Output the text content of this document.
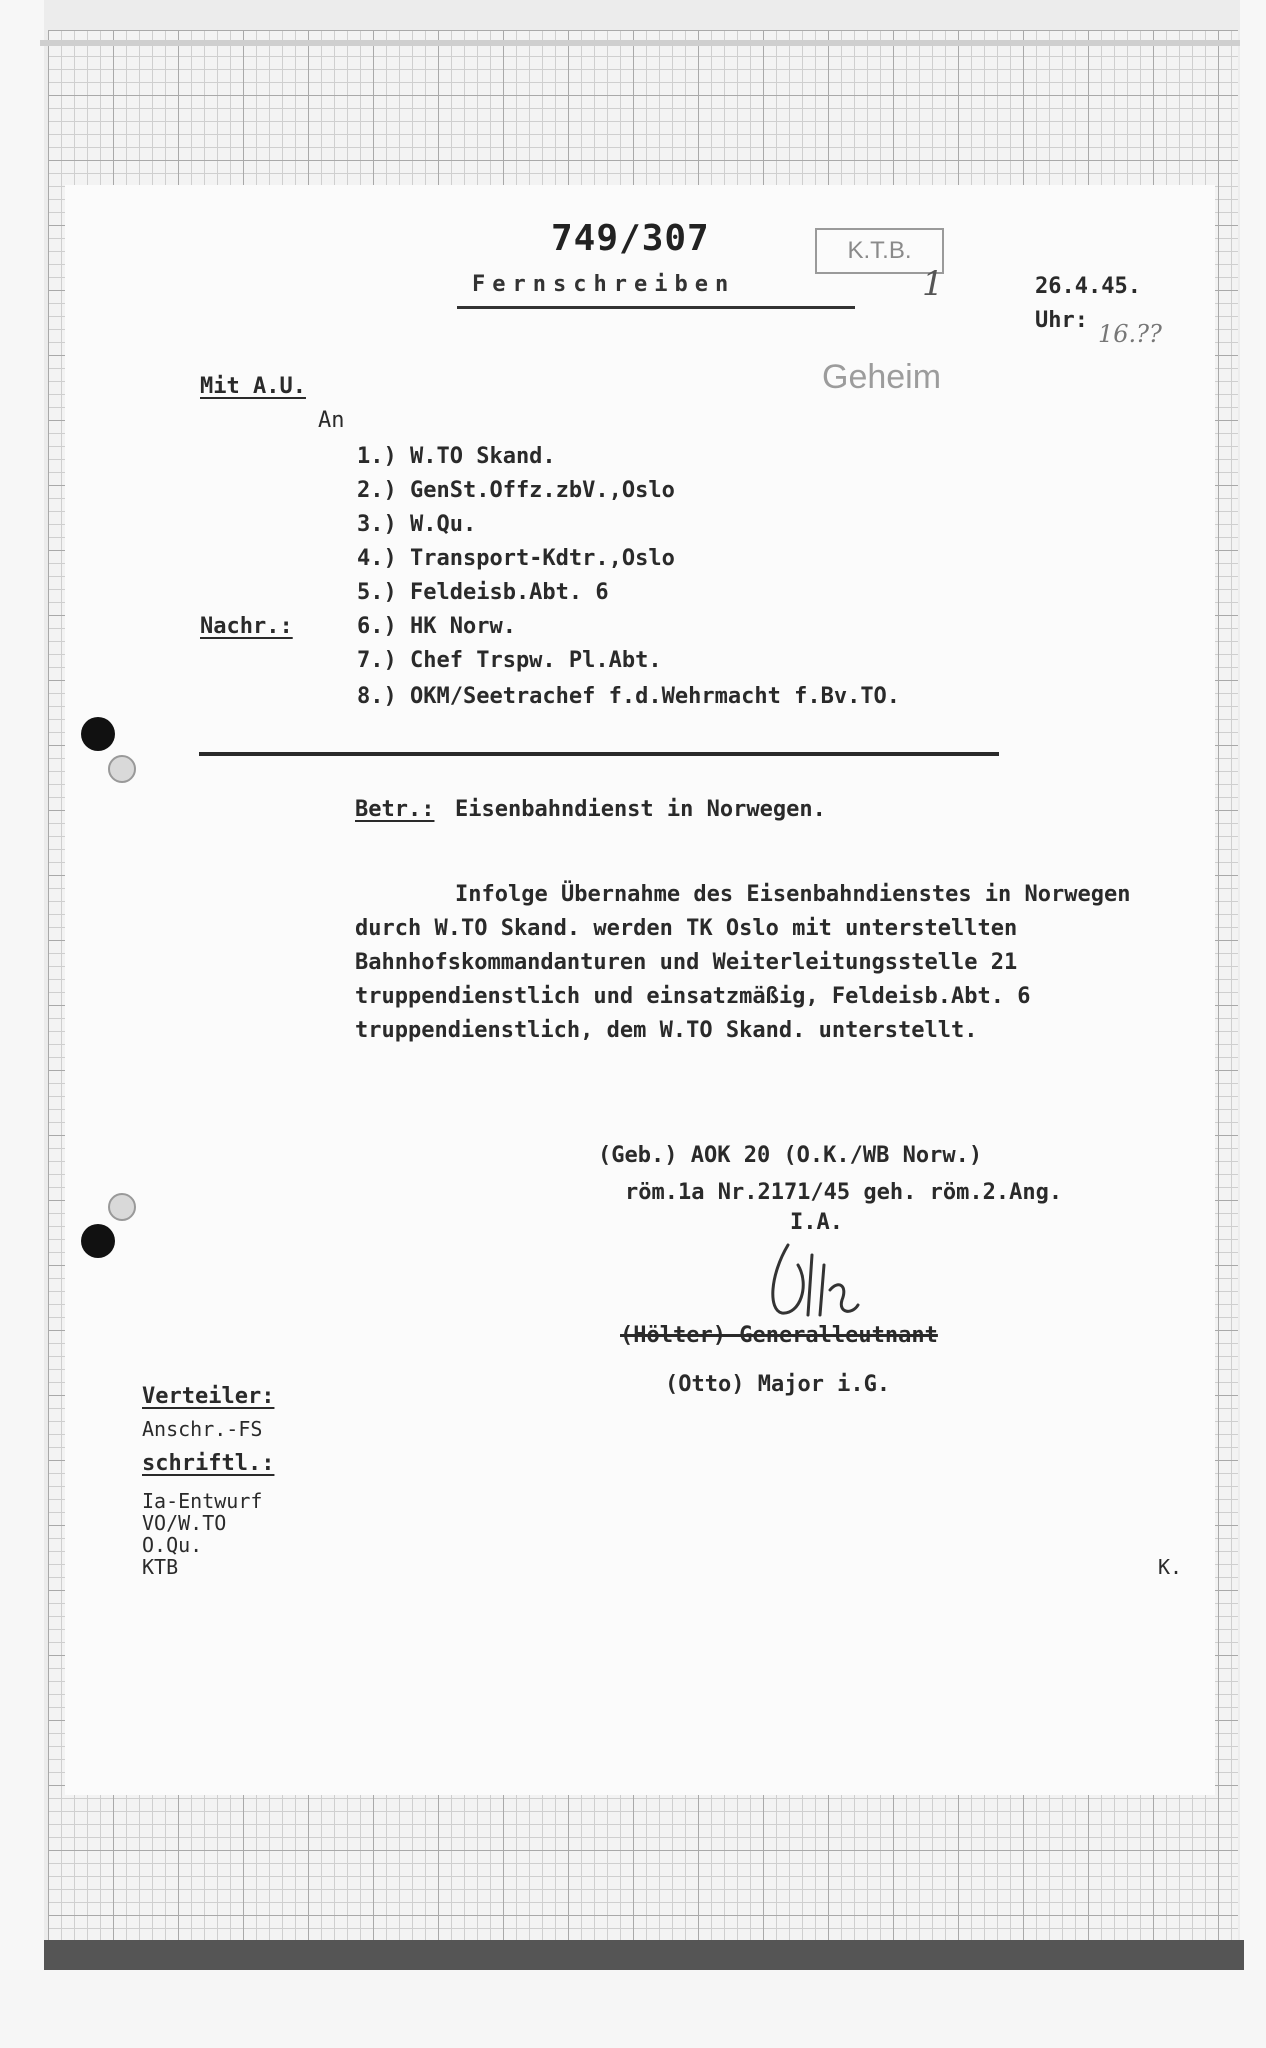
749/307	K.T.B.
Fernschreiben	1	26.4.45.
Uhr: 16.??
Geheim
Mit A.U.
An
1.) W.TO Skand.
2.) GenSt.Offz.zbV.,Oslo
3.) W.Qu.
4.) Transport-Kdtr.,Oslo
5.) Feldeisb.Abt. 6
Nachr.:	6.) HK Norw.
7.) Chef Trspw. Pl.Abt.
8.) OKM/Seetrachef f.d.Wehrmacht f.Bv.TO.
Betr.: Eisenbahndienst in Norwegen.
Infolge Übernahme des Eisenbahndienstes in Norwegen
durch W.TO Skand. werden TK Oslo mit unterstellten
Bahnhofskommandanturen und Weiterleitungsstelle 21
truppendienstlich und einsatzmäßig, Feldeisb.Abt. 6
truppendienstlich, dem W.TO Skand. unterstellt.
(Geb.) AOK 20 (O.K./WB Norw.)
röm.1a Nr.2171/45 geh. röm.2.Ang.
I.A.
(Hölter) Generalleutnant
(Otto) Major i.G.
Verteiler:
Anschr.-FS
schriftl.:
Ia-Entwurf
VO/W.TO
O.Qu.
KTB	K.
